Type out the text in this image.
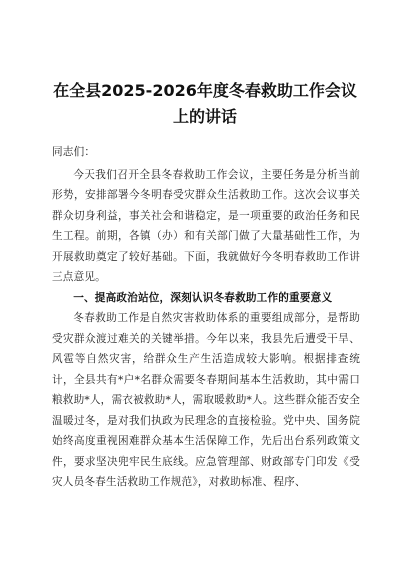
在全县2025-2026年度冬春救助工作会议
上的讲话

同志们：

今天我们召开全县冬春救助工作会议，主要任务是分析当前形势，安排部署今冬明春受灾群众生活救助工作。这次会议事关群众切身利益，事关社会和谐稳定，是一项重要的政治任务和民生工程。前期，各镇（办）和有关部门做了大量基础性工作，为开展救助奠定了较好基础。下面，我就做好今冬明春救助工作讲三点意见。

一、提高政治站位，深刻认识冬春救助工作的重要意义

冬春救助工作是自然灾害救助体系的重要组成部分，是帮助受灾群众渡过难关的关键举措。今年以来，我县先后遭受干旱、风雹等自然灾害，给群众生产生活造成较大影响。根据排查统计，全县共有*户*名群众需要冬春期间基本生活救助，其中需口粮救助*人，需衣被救助*人，需取暖救助*人。这些群众能否安全温暖过冬，是对我们执政为民理念的直接检验。党中央、国务院始终高度重视困难群众基本生活保障工作，先后出台系列政策文件，要求坚决兜牢民生底线。应急管理部、财政部专门印发《受灾人员冬春生活救助工作规范》，对救助标准、程序、
